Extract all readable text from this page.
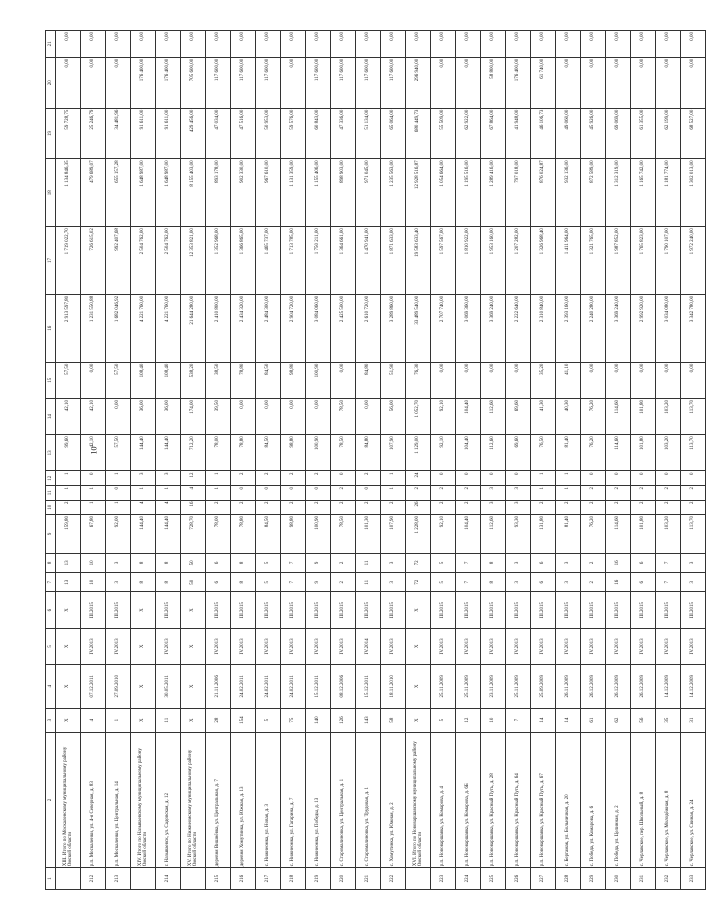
10
1	2	3	4	5	6	7	8	9	10	11	12	13	14	15	16	17	18	19	20	21

	XIII. Итого по Москаленскому муниципальному району Омской области	X	X	X	X	13	13	159,80	2	1	1	99,60	42,10	57,50	2 913 597,80	1 719 022,70	1 134 846,35	59 728,75	0,00	0,00
212	р.п. Москаленки, ул. 4-я Северная, д. 83	4	07.12.2011	IV.2013	III.2015	10	10	67,80	1	1	0	42,10	42,10	0,00	1 231 550,88	726 615,02	479 689,07	25 246,79	0,00	0,00
213	р.п. Москаленки, ул. Центральная, д. 14	1	27.09.2010	IV.2013	III.2015	3	3	92,00	1	0	1	57,50	0,00	57,50	1 682 046,92	992 407,68	655 157,28	34 481,96	0,00	0,00

	XIV. Итого по Называевскому муниципальному району Омской области	X	X	X	X	8	8	144,40	4	1	3	144,40	36,00	108,40	4 221 760,00	2 504 762,00	1 648 987,00	91 611,00	176 400,00	0,00
214	г. Называевск, ул. Садовская, д. 12	11	30.05.2011	IV.2013	III.2015	8	8	144,40	4	1	3	144,40	36,00	108,40	4 221 760,00	2 504 762,00	1 648 987,00	91 611,00	176 400,00	0,00

	XV. Итого по Нижнеомскому муниципальному району Омской области	X	X	X	X	50	50	728,70	16	4	12	712,20	174,00	538,20	21 644 280,00	12 353 821,00	8 155 403,00	429 456,00	705 600,00	0,00
215	деревня Вишнёвка, ул. Центральная, д. 7	28	21.11.2006	IV.2013	III.2015	6	6	78,00	2	1	1	78,00	39,50	38,50	2 410 800,00	1 352 968,00	893 178,00	47 034,00	117 600,00	0,00
216	деревня Хомутинка, ул. Южная, д. 13	154	24.02.2011	IV.2013	III.2015	8	8	78,80	2	0	2	78,80	0,00	78,80	2 434 320,00	1 366 865,00	902 330,00	47 516,00	117 600,00	0,00
217	с. Нижнеомка, ул. Новая, д. 3	5	24.02.2011	IV.2013	III.2015	5	5	84,50	2	0	2	84,50	0,00	84,50	2 484 300,00	1 465 737,00	967 610,00	50 953,00	117 600,00	0,00
218	с. Нижнеомка, ул. Гагарина, д. 7	75	24.02.2011	IV.2013	III.2015	7	7	98,80	2	0	2	98,80	0,00	98,80	2 904 720,00	1 713 785,00	1 131 359,00	59 576,00	0,00	0,00
219	с. Нижнеомка, ул. Победы, д. 13	140	15.12.2011	IV.2013	III.2015	9	9	100,90	2	0	2	100,90	0,00	100,90	3 084 060,00	1 750 211,00	1 155 406,00	60 843,00	117 600,00	0,00
220	с. Старомалиновка, ул. Центральная, д. 1	126	08.12.2006	IV.2013	III.2015	2	2	78,50	2	2	0	78,50	78,50	0,00	2 425 500,00	1 364 661,00	898 903,00	47 336,00	117 600,00	0,00
221	с. Старомалиновка, ул. Трудовая, д. 1	143	15.12.2011	IV.2014	III.2015	11	11	101,30	2	0	2	84,80	0,00	84,80	2 610 720,00	1 470 941,00	971 045,00	51 134,00	117 600,00	0,00
222	с. Хомутинка, ул. Южная, д. 2	58	18.11.2010	IV.2013	III.2015	3	3	107,90	2	1	1	107,90	56,00	51,90	3 289 860,00	1 871 633,00	1 235 563,00	65 064,00	117 600,00	0,00

	XVI. Итого по Нововаршавскому муниципальному району Омской области	X	X	X	X	72	72	1 228,00	26	2	24	1 129,00	1 052,70	76,30	33 489 540,00	19 583 633,40	12 928 516,87	680 449,73	296 940,00	0,00
223	р.п. Нововаршавка, ул. Комарова, д. 4	5	25.11.2009	IV.2013	III.2015	5	5	92,10	2	2	0	92,10	92,10	0,00	2 707 740,00	1 597 567,00	1 054 664,00	55 509,00	0,00	0,00
224	р.п. Нововаршавка, ул. Комарова, д. 6Б	12	25.11.2009	IV.2013	III.2015	7	7	104,40	2	2	0	104,40	104,40	0,00	3 069 360,00	1 810 922,00	1 195 516,00	62 922,00	0,00	0,00
225	р.п. Нововаршавка, ул. Красный Путь, д. 28	10	23.11.2009	IV.2013	III.2015	8	8	112,60	3	3	0	112,60	112,60	0,00	3 369 240,00	1 953 160,00	1 289 416,00	67 864,00	58 800,00	0,00
226	р.п. Нововаршавка, ул. Красный Путь, д. 64	7	25.11.2009	IV.2013	III.2015	3	3	93,30	3	3	0	69,60	69,60	0,00	2 222 640,00	1 207 282,00	797 018,00	41 948,00	176 400,00	0,00
227	р.п. Нововаршавка, ул. Красный Путь, д. 67	14	25.09.2009	IV.2013	III.2015	6	6	131,80	2	1	1	76,50	41,30	35,20	2 310 840,00	1 326 968,40	876 024,87	46 106,73	61 740,00	0,00
228	с. Бергамак, ул. Больничная, д. 20	14	26.11.2009	IV.2013	III.2015	3	3	81,40	2	1	1	81,40	40,30	41,10	2 393 160,00	1 411 964,00	932 136,00	49 060,00	0,00	0,00
229	с. Победа, ул. Комарова, д. 6	61	26.12.2009	IV.2013	III.2015	2	2	76,20	2	2	0	76,20	76,20	0,00	2 240 280,00	1 321 765,00	872 589,00	45 926,00	0,00	0,00
230	с. Победа, ул. Целинная, д. 2	62	26.12.2009	IV.2013	III.2015	16	16	114,60	2	2	0	114,60	114,60	0,00	3 369 240,00	1 987 852,00	1 312 319,00	69 069,00	0,00	0,00
231	с. Черлакское, пер. Школьный, д. 8	56	26.12.2009	IV.2013	III.2015	6	6	101,80	2	2	0	101,80	101,80	0,00	2 992 920,00	1 765 823,00	1 165 742,00	61 355,00	0,00	0,00
232	с. Черлакское, ул. Молодёжная, д. 8	35	14.12.2009	IV.2013	III.2015	7	7	103,20	2	2	0	103,20	103,20	0,00	3 034 080,00	1 790 107,00	1 181 774,00	62 199,00	0,00	0,00
233	с. Черлакское, ул. Свиная, д. 24	31	14.12.2009	IV.2013	III.2015	3	3	113,70	2	2	0	113,70	113,70	0,00	3 342 780,00	1 972 240,00	1 302 013,00	68 527,00	0,00	0,00
